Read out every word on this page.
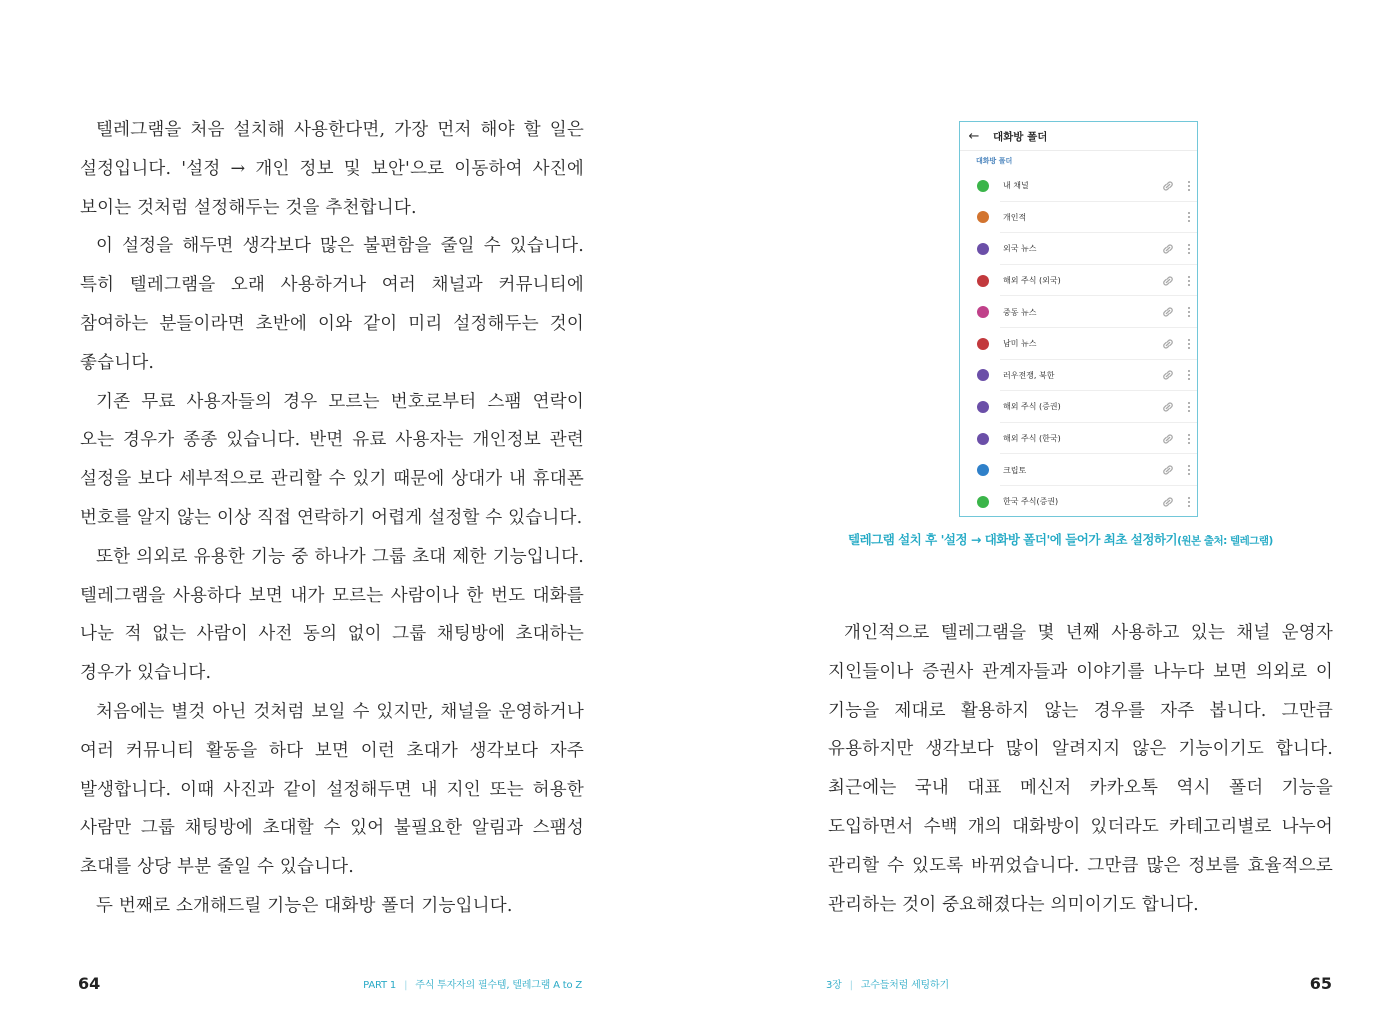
텔레그램을 처음 설치해 사용한다면, 가장 먼저 해야 할 일은 설정입니다. '설정 → 개인 정보 및 보안'으로 이동하여 사진에 보이는 것처럼 설정해두는 것을 추천합니다.

이 설정을 해두면 생각보다 많은 불편함을 줄일 수 있습니다. 특히 텔레그램을 오래 사용하거나 여러 채널과 커뮤니티에 참여하는 분들이라면 초반에 이와 같이 미리 설정해두는 것이 좋습니다.

기존 무료 사용자들의 경우 모르는 번호로부터 스팸 연락이 오는 경우가 종종 있습니다. 반면 유료 사용자는 개인정보 관련 설정을 보다 세부적으로 관리할 수 있기 때문에 상대가 내 휴대폰 번호를 알지 않는 이상 직접 연락하기 어렵게 설정할 수 있습니다.

또한 의외로 유용한 기능 중 하나가 그룹 초대 제한 기능입니다. 텔레그램을 사용하다 보면 내가 모르는 사람이나 한 번도 대화를 나눈 적 없는 사람이 사전 동의 없이 그룹 채팅방에 초대하는 경우가 있습니다.

처음에는 별것 아닌 것처럼 보일 수 있지만, 채널을 운영하거나 여러 커뮤니티 활동을 하다 보면 이런 초대가 생각보다 자주 발생합니다. 이때 사진과 같이 설정해두면 내 지인 또는 허용한 사람만 그룹 채팅방에 초대할 수 있어 불필요한 알림과 스팸성 초대를 상당 부분 줄일 수 있습니다.

두 번째로 소개해드릴 기능은 대화방 폴더 기능입니다.

64	PART 1 | 주식 투자자의 필수템, 텔레그램 A to Z
←	대화방 폴더
대화방 폴더
내 채널
개인적
외국 뉴스
해외 주식 (외국)
중동 뉴스
남미 뉴스
러우전쟁, 북한
해외 주식 (증권)
해외 주식 (한국)
크립토
한국 주식(증권)
텔레그램 설치 후 '설정 → 대화방 폴더'에 들어가 최초 설정하기(원본 출처: 텔레그램)

개인적으로 텔레그램을 몇 년째 사용하고 있는 채널 운영자 지인들이나 증권사 관계자들과 이야기를 나누다 보면 의외로 이 기능을 제대로 활용하지 않는 경우를 자주 봅니다. 그만큼 유용하지만 생각보다 많이 알려지지 않은 기능이기도 합니다. 최근에는 국내 대표 메신저 카카오톡 역시 폴더 기능을 도입하면서 수백 개의 대화방이 있더라도 카테고리별로 나누어 관리할 수 있도록 바뀌었습니다. 그만큼 많은 정보를 효율적으로 관리하는 것이 중요해졌다는 의미이기도 합니다.

3장 | 고수들처럼 세팅하기	65
